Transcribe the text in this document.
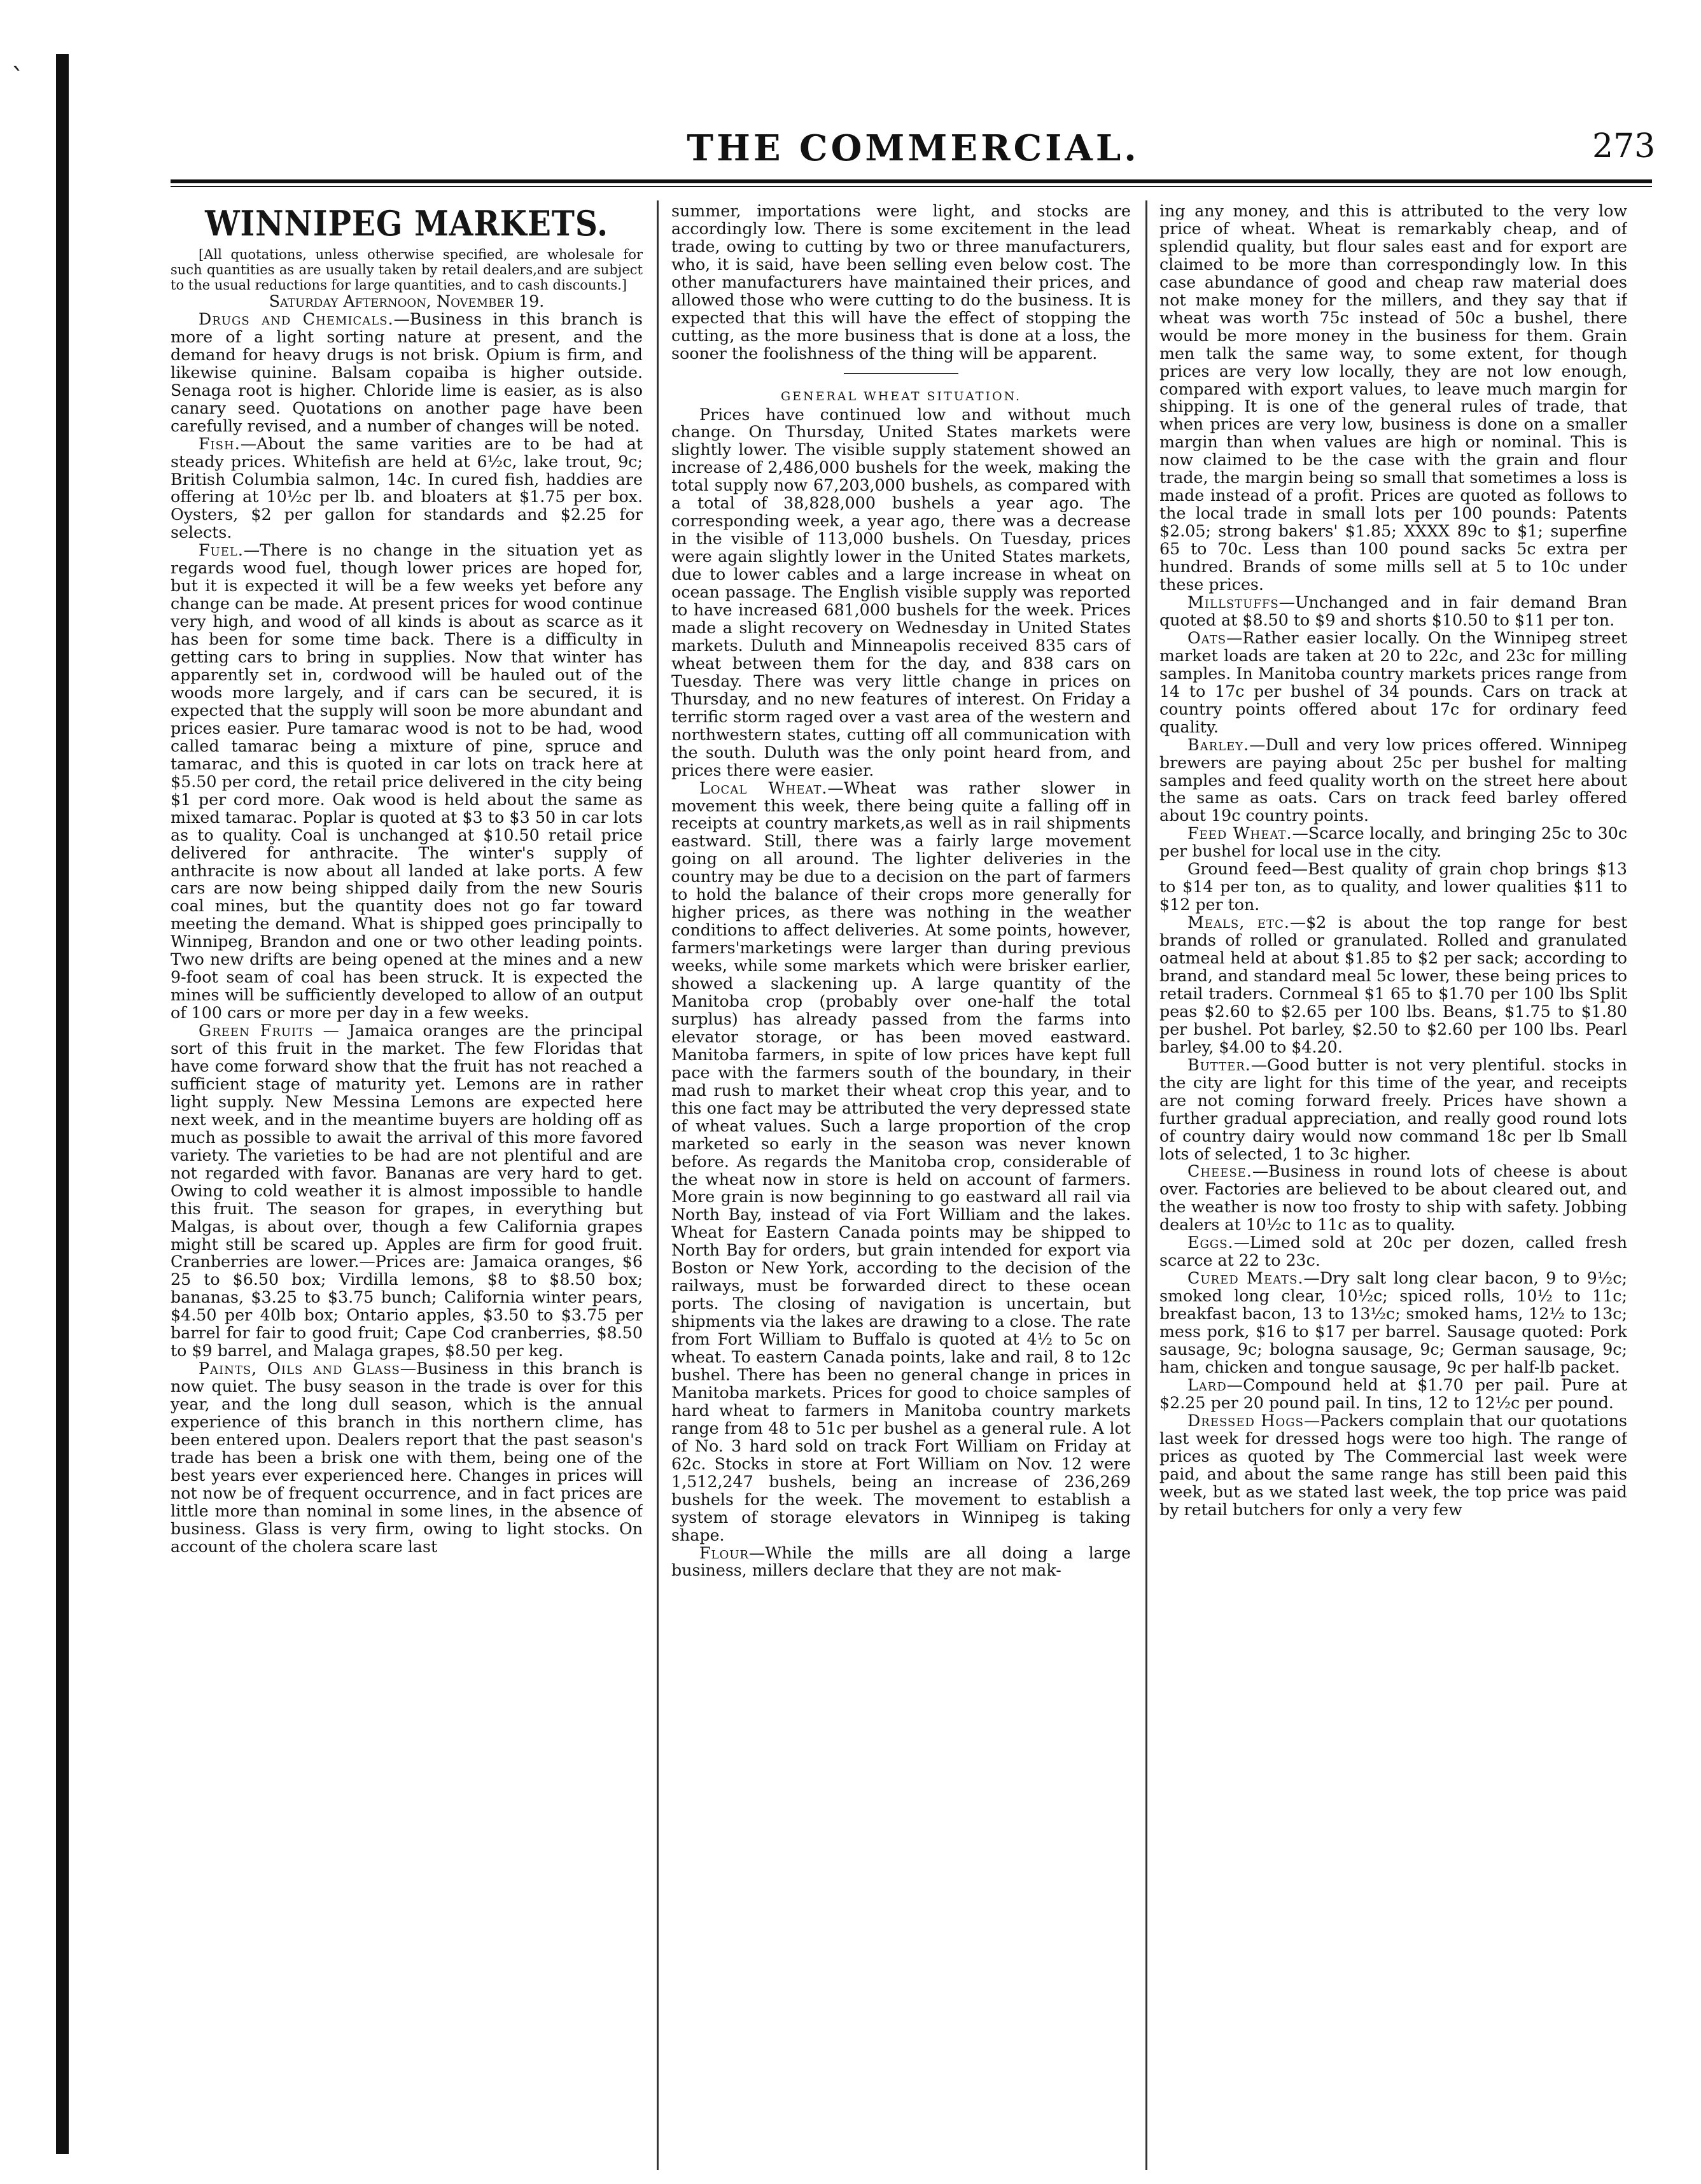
`
THE COMMERCIAL.	273
WINNIPEG MARKETS.

[All quotations, unless otherwise specified, are wholesale for such quantities as are usually taken by retail dealers,and are subject to the usual reductions for large quantities, and to cash discounts.]

Saturday Afternoon, November 19.

Drugs and Chemicals.—Business in this branch is more of a light sorting nature at present, and the demand for heavy drugs is not brisk. Opium is firm, and likewise quinine. Balsam copaiba is higher outside. Senaga root is higher. Chloride lime is easier, as is also canary seed. Quotations on another page have been carefully revised, and a number of changes will be noted.

Fish.—About the same varities are to be had at steady prices. Whitefish are held at 6½c, lake trout, 9c; British Columbia salmon, 14c. In cured fish, haddies are offering at 10½c per lb. and bloaters at $1.75 per box. Oysters, $2 per gallon for standards and $2.25 for selects.

Fuel.—There is no change in the situation yet as regards wood fuel, though lower prices are hoped for, but it is expected it will be a few weeks yet before any change can be made. At present prices for wood continue very high, and wood of all kinds is about as scarce as it has been for some time back. There is a difficulty in getting cars to bring in supplies. Now that winter has apparently set in, cordwood will be hauled out of the woods more largely, and if cars can be secured, it is expected that the supply will soon be more abundant and prices easier. Pure tamarac wood is not to be had, wood called tamarac being a mixture of pine, spruce and tamarac, and this is quoted in car lots on track here at $5.50 per cord, the retail price delivered in the city being $1 per cord more. Oak wood is held about the same as mixed tamarac. Poplar is quoted at $3 to $3 50 in car lots as to quality. Coal is unchanged at $10.50 retail price delivered for anthracite. The winter's supply of anthracite is now about all landed at lake ports. A few cars are now being shipped daily from the new Souris coal mines, but the quantity does not go far toward meeting the demand. What is shipped goes principally to Winnipeg, Brandon and one or two other leading points. Two new drifts are being opened at the mines and a new 9-foot seam of coal has been struck. It is expected the mines will be sufficiently developed to allow of an output of 100 cars or more per day in a few weeks.

Green Fruits — Jamaica oranges are the principal sort of this fruit in the market. The few Floridas that have come forward show that the fruit has not reached a sufficient stage of maturity yet. Lemons are in rather light supply. New Messina Lemons are expected here next week, and in the meantime buyers are holding off as much as possible to await the arrival of this more favored variety. The varieties to be had are not plentiful and are not regarded with favor. Bananas are very hard to get. Owing to cold weather it is almost impossible to handle this fruit. The season for grapes, in everything but Malgas, is about over, though a few California grapes might still be scared up. Apples are firm for good fruit. Cranberries are lower.—Prices are: Jamaica oranges, $6 25 to $6.50 box; Virdilla lemons, $8 to $8.50 box; bananas, $3.25 to $3.75 bunch; California winter pears, $4.50 per 40lb box; Ontario apples, $3.50 to $3.75 per barrel for fair to good fruit; Cape Cod cranberries, $8.50 to $9 barrel, and Malaga grapes, $8.50 per keg.

Paints, Oils and Glass—Business in this branch is now quiet. The busy season in the trade is over for this year, and the long dull season, which is the annual experience of this branch in this northern clime, has been entered upon. Dealers report that the past season's trade has been a brisk one with them, being one of the best years ever experienced here. Changes in prices will not now be of frequent occurrence, and in fact prices are little more than nominal in some lines, in the absence of business. Glass is very firm, owing to light stocks. On account of the cholera scare last

summer, importations were light, and stocks are accordingly low. There is some excitement in the lead trade, owing to cutting by two or three manufacturers, who, it is said, have been selling even below cost. The other manufacturers have maintained their prices, and allowed those who were cutting to do the business. It is expected that this will have the effect of stopping the cutting, as the more business that is done at a loss, the sooner the foolishness of the thing will be apparent.

GENERAL WHEAT SITUATION.

Prices have continued low and without much change. On Thursday, United States markets were slightly lower. The visible supply statement showed an increase of 2,486,000 bushels for the week, making the total supply now 67,203,000 bushels, as compared with a total of 38,828,000 bushels a year ago. The corresponding week, a year ago, there was a decrease in the visible of 113,000 bushels. On Tuesday, prices were again slightly lower in the United States markets, due to lower cables and a large increase in wheat on ocean passage. The English visible supply was reported to have increased 681,000 bushels for the week. Prices made a slight recovery on Wednesday in United States markets. Duluth and Minneapolis received 835 cars of wheat between them for the day, and 838 cars on Tuesday. There was very little change in prices on Thursday, and no new features of interest. On Friday a terrific storm raged over a vast area of the western and northwestern states, cutting off all communication with the south. Duluth was the only point heard from, and prices there were easier.

Local Wheat.—Wheat was rather slower in movement this week, there being quite a falling off in receipts at country markets,as well as in rail shipments eastward. Still, there was a fairly large movement going on all around. The lighter deliveries in the country may be due to a decision on the part of farmers to hold the balance of their crops more generally for higher prices, as there was nothing in the weather conditions to affect deliveries. At some points, however, farmers'marketings were larger than during previous weeks, while some markets which were brisker earlier, showed a slackening up. A large quantity of the Manitoba crop (probably over one-half the total surplus) has already passed from the farms into elevator storage, or has been moved eastward. Manitoba farmers, in spite of low prices have kept full pace with the farmers south of the boundary, in their mad rush to market their wheat crop this year, and to this one fact may be attributed the very depressed state of wheat values. Such a large proportion of the crop marketed so early in the season was never known before. As regards the Manitoba crop, considerable of the wheat now in store is held on account of farmers. More grain is now beginning to go eastward all rail via North Bay, instead of via Fort William and the lakes. Wheat for Eastern Canada points may be shipped to North Bay for orders, but grain intended for export via Boston or New York, according to the decision of the railways, must be forwarded direct to these ocean ports. The closing of navigation is uncertain, but shipments via the lakes are drawing to a close. The rate from Fort William to Buffalo is quoted at 4½ to 5c on wheat. To eastern Canada points, lake and rail, 8 to 12c bushel. There has been no general change in prices in Manitoba markets. Prices for good to choice samples of hard wheat to farmers in Manitoba country markets range from 48 to 51c per bushel as a general rule. A lot of No. 3 hard sold on track Fort William on Friday at 62c. Stocks in store at Fort William on Nov. 12 were 1,512,247 bushels, being an increase of 236,269 bushels for the week. The movement to establish a system of storage elevators in Winnipeg is taking shape.

Flour—While the mills are all doing a large business, millers declare that they are not mak-

ing any money, and this is attributed to the very low price of wheat. Wheat is remarkably cheap, and of splendid quality, but flour sales east and for export are claimed to be more than correspondingly low. In this case abundance of good and cheap raw material does not make money for the millers, and they say that if wheat was worth 75c instead of 50c a bushel, there would be more money in the business for them. Grain men talk the same way, to some extent, for though prices are very low locally, they are not low enough, compared with export values, to leave much margin for shipping. It is one of the general rules of trade, that when prices are very low, business is done on a smaller margin than when values are high or nominal. This is now claimed to be the case with the grain and flour trade, the margin being so small that sometimes a loss is made instead of a profit. Prices are quoted as follows to the local trade in small lots per 100 pounds: Patents $2.05; strong bakers' $1.85; XXXX 89c to $1; superfine 65 to 70c. Less than 100 pound sacks 5c extra per hundred. Brands of some mills sell at 5 to 10c under these prices.

Millstuffs—Unchanged and in fair demand Bran quoted at $8.50 to $9 and shorts $10.50 to $11 per ton.

Oats—Rather easier locally. On the Winnipeg street market loads are taken at 20 to 22c, and 23c for milling samples. In Manitoba country markets prices range from 14 to 17c per bushel of 34 pounds. Cars on track at country points offered about 17c for ordinary feed quality.

Barley.—Dull and very low prices offered. Winnipeg brewers are paying about 25c per bushel for malting samples and feed quality worth on the street here about the same as oats. Cars on track feed barley offered about 19c country points.

Feed Wheat.—Scarce locally, and bringing 25c to 30c per bushel for local use in the city.

Ground feed—Best quality of grain chop brings $13 to $14 per ton, as to quality, and lower qualities $11 to $12 per ton.

Meals, etc.—$2 is about the top range for best brands of rolled or granulated. Rolled and granulated oatmeal held at about $1.85 to $2 per sack; according to brand, and standard meal 5c lower, these being prices to retail traders. Cornmeal $1 65 to $1.70 per 100 lbs Split peas $2.60 to $2.65 per 100 lbs. Beans, $1.75 to $1.80 per bushel. Pot barley, $2.50 to $2.60 per 100 lbs. Pearl barley, $4.00 to $4.20.

Butter.—Good butter is not very plentiful. stocks in the city are light for this time of the year, and receipts are not coming forward freely. Prices have shown a further gradual appreciation, and really good round lots of country dairy would now command 18c per lb Small lots of selected, 1 to 3c higher.

Cheese.—Business in round lots of cheese is about over. Factories are believed to be about cleared out, and the weather is now too frosty to ship with safety. Jobbing dealers at 10½c to 11c as to quality.

Eggs.—Limed sold at 20c per dozen, called fresh scarce at 22 to 23c.

Cured Meats.—Dry salt long clear bacon, 9 to 9½c; smoked long clear, 10½c; spiced rolls, 10½ to 11c; breakfast bacon, 13 to 13½c; smoked hams, 12½ to 13c; mess pork, $16 to $17 per barrel. Sausage quoted: Pork sausage, 9c; bologna sausage, 9c; German sausage, 9c; ham, chicken and tongue sausage, 9c per half-lb packet.

Lard—Compound held at $1.70 per pail. Pure at $2.25 per 20 pound pail. In tins, 12 to 12½c per pound.

Dressed Hogs—Packers complain that our quotations last week for dressed hogs were too high. The range of prices as quoted by The Commercial last week were paid, and about the same range has still been paid this week, but as we stated last week, the top price was paid by retail butchers for only a very few
